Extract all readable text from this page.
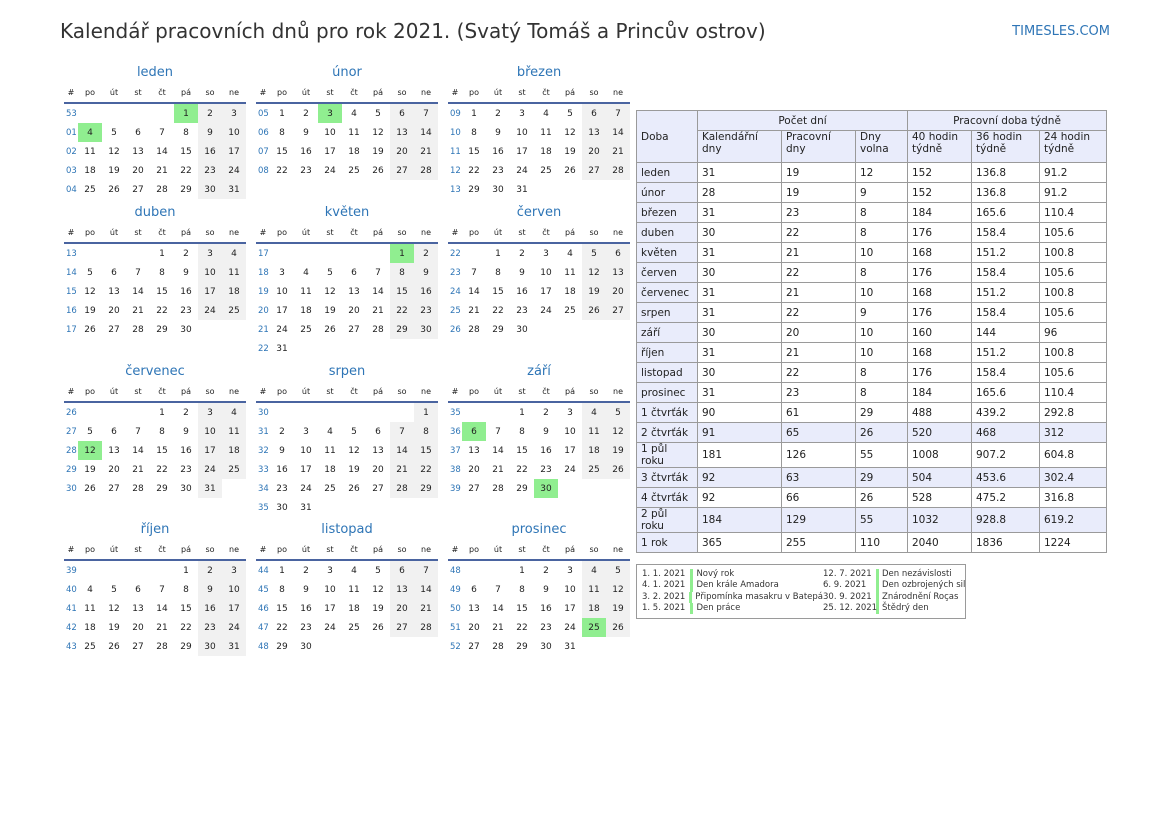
Kalendář pracovních dnů pro rok 2021. (Svatý Tomáš a Princův ostrov)	TIMESLES.COM
leden
#	po	út	st	čt	pá	so	ne
53					1	2	3
01	4	5	6	7	8	9	10
02	11	12	13	14	15	16	17
03	18	19	20	21	22	23	24
04	25	26	27	28	29	30	31
únor
#	po	út	st	čt	pá	so	ne
05	1	2	3	4	5	6	7
06	8	9	10	11	12	13	14
07	15	16	17	18	19	20	21
08	22	23	24	25	26	27	28
březen
#	po	út	st	čt	pá	so	ne
09	1	2	3	4	5	6	7
10	8	9	10	11	12	13	14
11	15	16	17	18	19	20	21
12	22	23	24	25	26	27	28
13	29	30	31				
duben
#	po	út	st	čt	pá	so	ne
13				1	2	3	4
14	5	6	7	8	9	10	11
15	12	13	14	15	16	17	18
16	19	20	21	22	23	24	25
17	26	27	28	29	30		
květen
#	po	út	st	čt	pá	so	ne
17						1	2
18	3	4	5	6	7	8	9
19	10	11	12	13	14	15	16
20	17	18	19	20	21	22	23
21	24	25	26	27	28	29	30
22	31						
červen
#	po	út	st	čt	pá	so	ne
22		1	2	3	4	5	6
23	7	8	9	10	11	12	13
24	14	15	16	17	18	19	20
25	21	22	23	24	25	26	27
26	28	29	30				
červenec
#	po	út	st	čt	pá	so	ne
26				1	2	3	4
27	5	6	7	8	9	10	11
28	12	13	14	15	16	17	18
29	19	20	21	22	23	24	25
30	26	27	28	29	30	31	
srpen
#	po	út	st	čt	pá	so	ne
30							1
31	2	3	4	5	6	7	8
32	9	10	11	12	13	14	15
33	16	17	18	19	20	21	22
34	23	24	25	26	27	28	29
35	30	31					
září
#	po	út	st	čt	pá	so	ne
35			1	2	3	4	5
36	6	7	8	9	10	11	12
37	13	14	15	16	17	18	19
38	20	21	22	23	24	25	26
39	27	28	29	30			
říjen
#	po	út	st	čt	pá	so	ne
39					1	2	3
40	4	5	6	7	8	9	10
41	11	12	13	14	15	16	17
42	18	19	20	21	22	23	24
43	25	26	27	28	29	30	31
listopad
#	po	út	st	čt	pá	so	ne
44	1	2	3	4	5	6	7
45	8	9	10	11	12	13	14
46	15	16	17	18	19	20	21
47	22	23	24	25	26	27	28
48	29	30					
prosinec
#	po	út	st	čt	pá	so	ne
48			1	2	3	4	5
49	6	7	8	9	10	11	12
50	13	14	15	16	17	18	19
51	20	21	22	23	24	25	26
52	27	28	29	30	31		
Doba	Počet dní			Pracovní doba týdně		
	Kalendářní dny	Pracovní dny	Dny volna	40 hodin týdně	36 hodin týdně	24 hodin týdně
leden	31	19	12	152	136.8	91.2
únor	28	19	9	152	136.8	91.2
březen	31	23	8	184	165.6	110.4
duben	30	22	8	176	158.4	105.6
květen	31	21	10	168	151.2	100.8
červen	30	22	8	176	158.4	105.6
červenec	31	21	10	168	151.2	100.8
srpen	31	22	9	176	158.4	105.6
září	30	20	10	160	144	96
říjen	31	21	10	168	151.2	100.8
listopad	30	22	8	176	158.4	105.6
prosinec	31	23	8	184	165.6	110.4
1 čtvrťák	90	61	29	488	439.2	292.8
2 čtvrťák	91	65	26	520	468	312
1 půl roku	181	126	55	1008	907.2	604.8
3 čtvrťák	92	63	29	504	453.6	302.4
4 čtvrťák	92	66	26	528	475.2	316.8
2 půl roku	184	129	55	1032	928.8	619.2
1 rok	365	255	110	2040	1836	1224
1. 1. 2021	Nový rok	12. 7. 2021	Den nezávislosti
4. 1. 2021	Den krále Amadora	6. 9. 2021	Den ozbrojených sil
3. 2. 2021	Připomínka masakru v Batepá 30. 9. 2021	Znárodnění Roças
1. 5. 2021	Den práce	25. 12. 2021 Štědrý den
